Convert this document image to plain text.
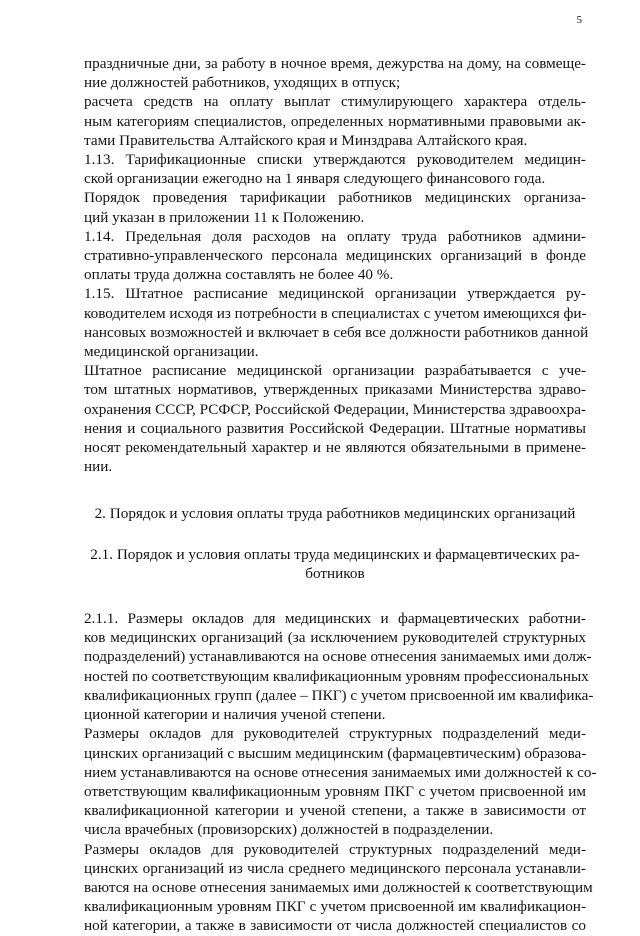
5
праздничные дни, за работу в ночное время, дежурства на дому, на совмеще-
ние должностей работников, уходящих в отпуск;
расчета средств на оплату выплат стимулирующего характера отдель-
ным категориям специалистов, определенных нормативными правовыми ак-
тами Правительства Алтайского края и Минздрава Алтайского края.
1.13. Тарификационные списки утверждаются руководителем медицин-
ской организации ежегодно на 1 января следующего финансового года.
Порядок проведения тарификации работников медицинских организа-
ций указан в приложении 11 к Положению.
1.14. Предельная доля расходов на оплату труда работников админи-
стративно-управленческого персонала медицинских организаций в фонде
оплаты труда должна составлять не более 40 %.
1.15. Штатное расписание медицинской организации утверждается ру-
ководителем исходя из потребности в специалистах с учетом имеющихся фи-
нансовых возможностей и включает в себя все должности работников данной
медицинской организации.
Штатное расписание медицинской организации разрабатывается с уче-
том штатных нормативов, утвержденных приказами Министерства здраво-
охранения СССР, РСФСР, Российской Федерации, Министерства здравоохра-
нения и социального развития Российской Федерации. Штатные нормативы
носят рекомендательный характер и не являются обязательными в примене-
нии.
2. Порядок и условия оплаты труда работников медицинских организаций
2.1. Порядок и условия оплаты труда медицинских и фармацевтических ра-
ботников
2.1.1. Размеры окладов для медицинских и фармацевтических работни-
ков медицинских организаций (за исключением руководителей структурных
подразделений) устанавливаются на основе отнесения занимаемых ими долж-
ностей по соответствующим квалификационным уровням профессиональных
квалификационных групп (далее – ПКГ) с учетом присвоенной им квалифика-
ционной категории и наличия ученой степени.
Размеры окладов для руководителей структурных подразделений меди-
цинских организаций с высшим медицинским (фармацевтическим) образова-
нием устанавливаются на основе отнесения занимаемых ими должностей к со-
ответствующим квалификационным уровням ПКГ с учетом присвоенной им
квалификационной категории и ученой степени, а также в зависимости от
числа врачебных (провизорских) должностей в подразделении.
Размеры окладов для руководителей структурных подразделений меди-
цинских организаций из числа среднего медицинского персонала устанавли-
ваются на основе отнесения занимаемых ими должностей к соответствующим
квалификационным уровням ПКГ с учетом присвоенной им квалификацион-
ной категории, а также в зависимости от числа должностей специалистов со
